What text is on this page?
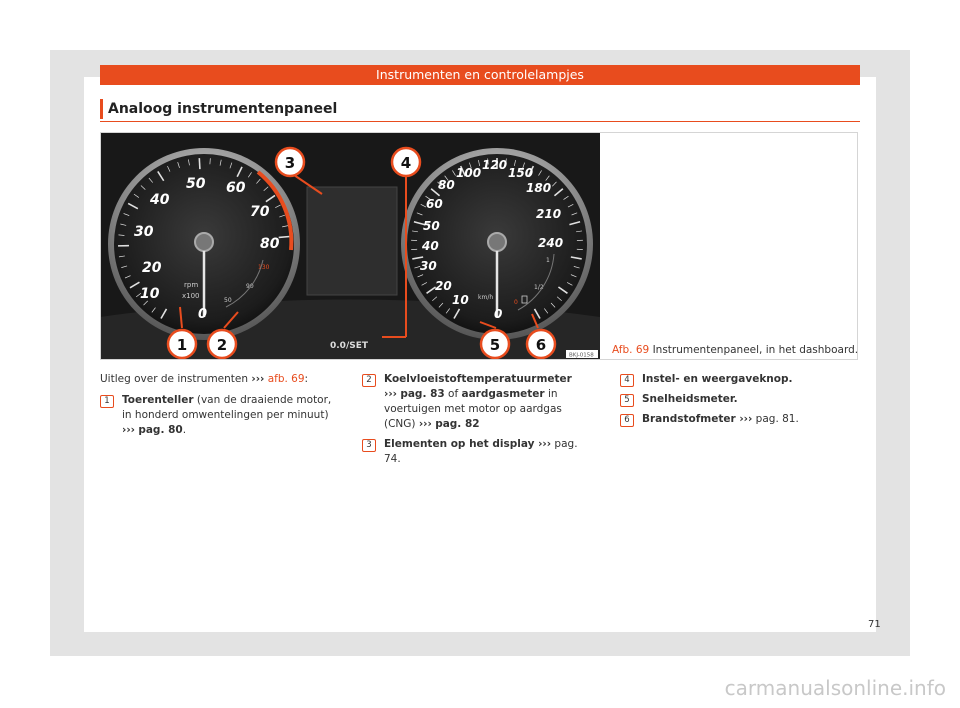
Instrumenten en controlelampjes
Analoog instrumentenpaneel
10
20
30
40
50 60
70
80
rpm
x100
0
130
90
50	10
20
30
40
50
60
80
100
120
150
180
210
240
km/h
0
1
1/2
0
0.0/SET
1 2
3	4
5 6
BKJ-0158 Afb. 69 Instrumentenpaneel, in het dashboard.
Uitleg over de instrumenten ››› afb. 69:
1	Toerenteller (van de draaiende motor, in honderd omwentelingen per minuut) ››› pag. 80.
2	Koelvloeistoftemperatuurmeter
››› pag. 83 of aardgasmeter in voertuigen met motor op aardgas (CNG) ››› pag. 82
3	Elementen op het display ››› pag. 74.
4	Instel- en weergaveknop.
5	Snelheidsmeter.
6	Brandstofmeter ››› pag. 81.
71
carmanualsonline.info
